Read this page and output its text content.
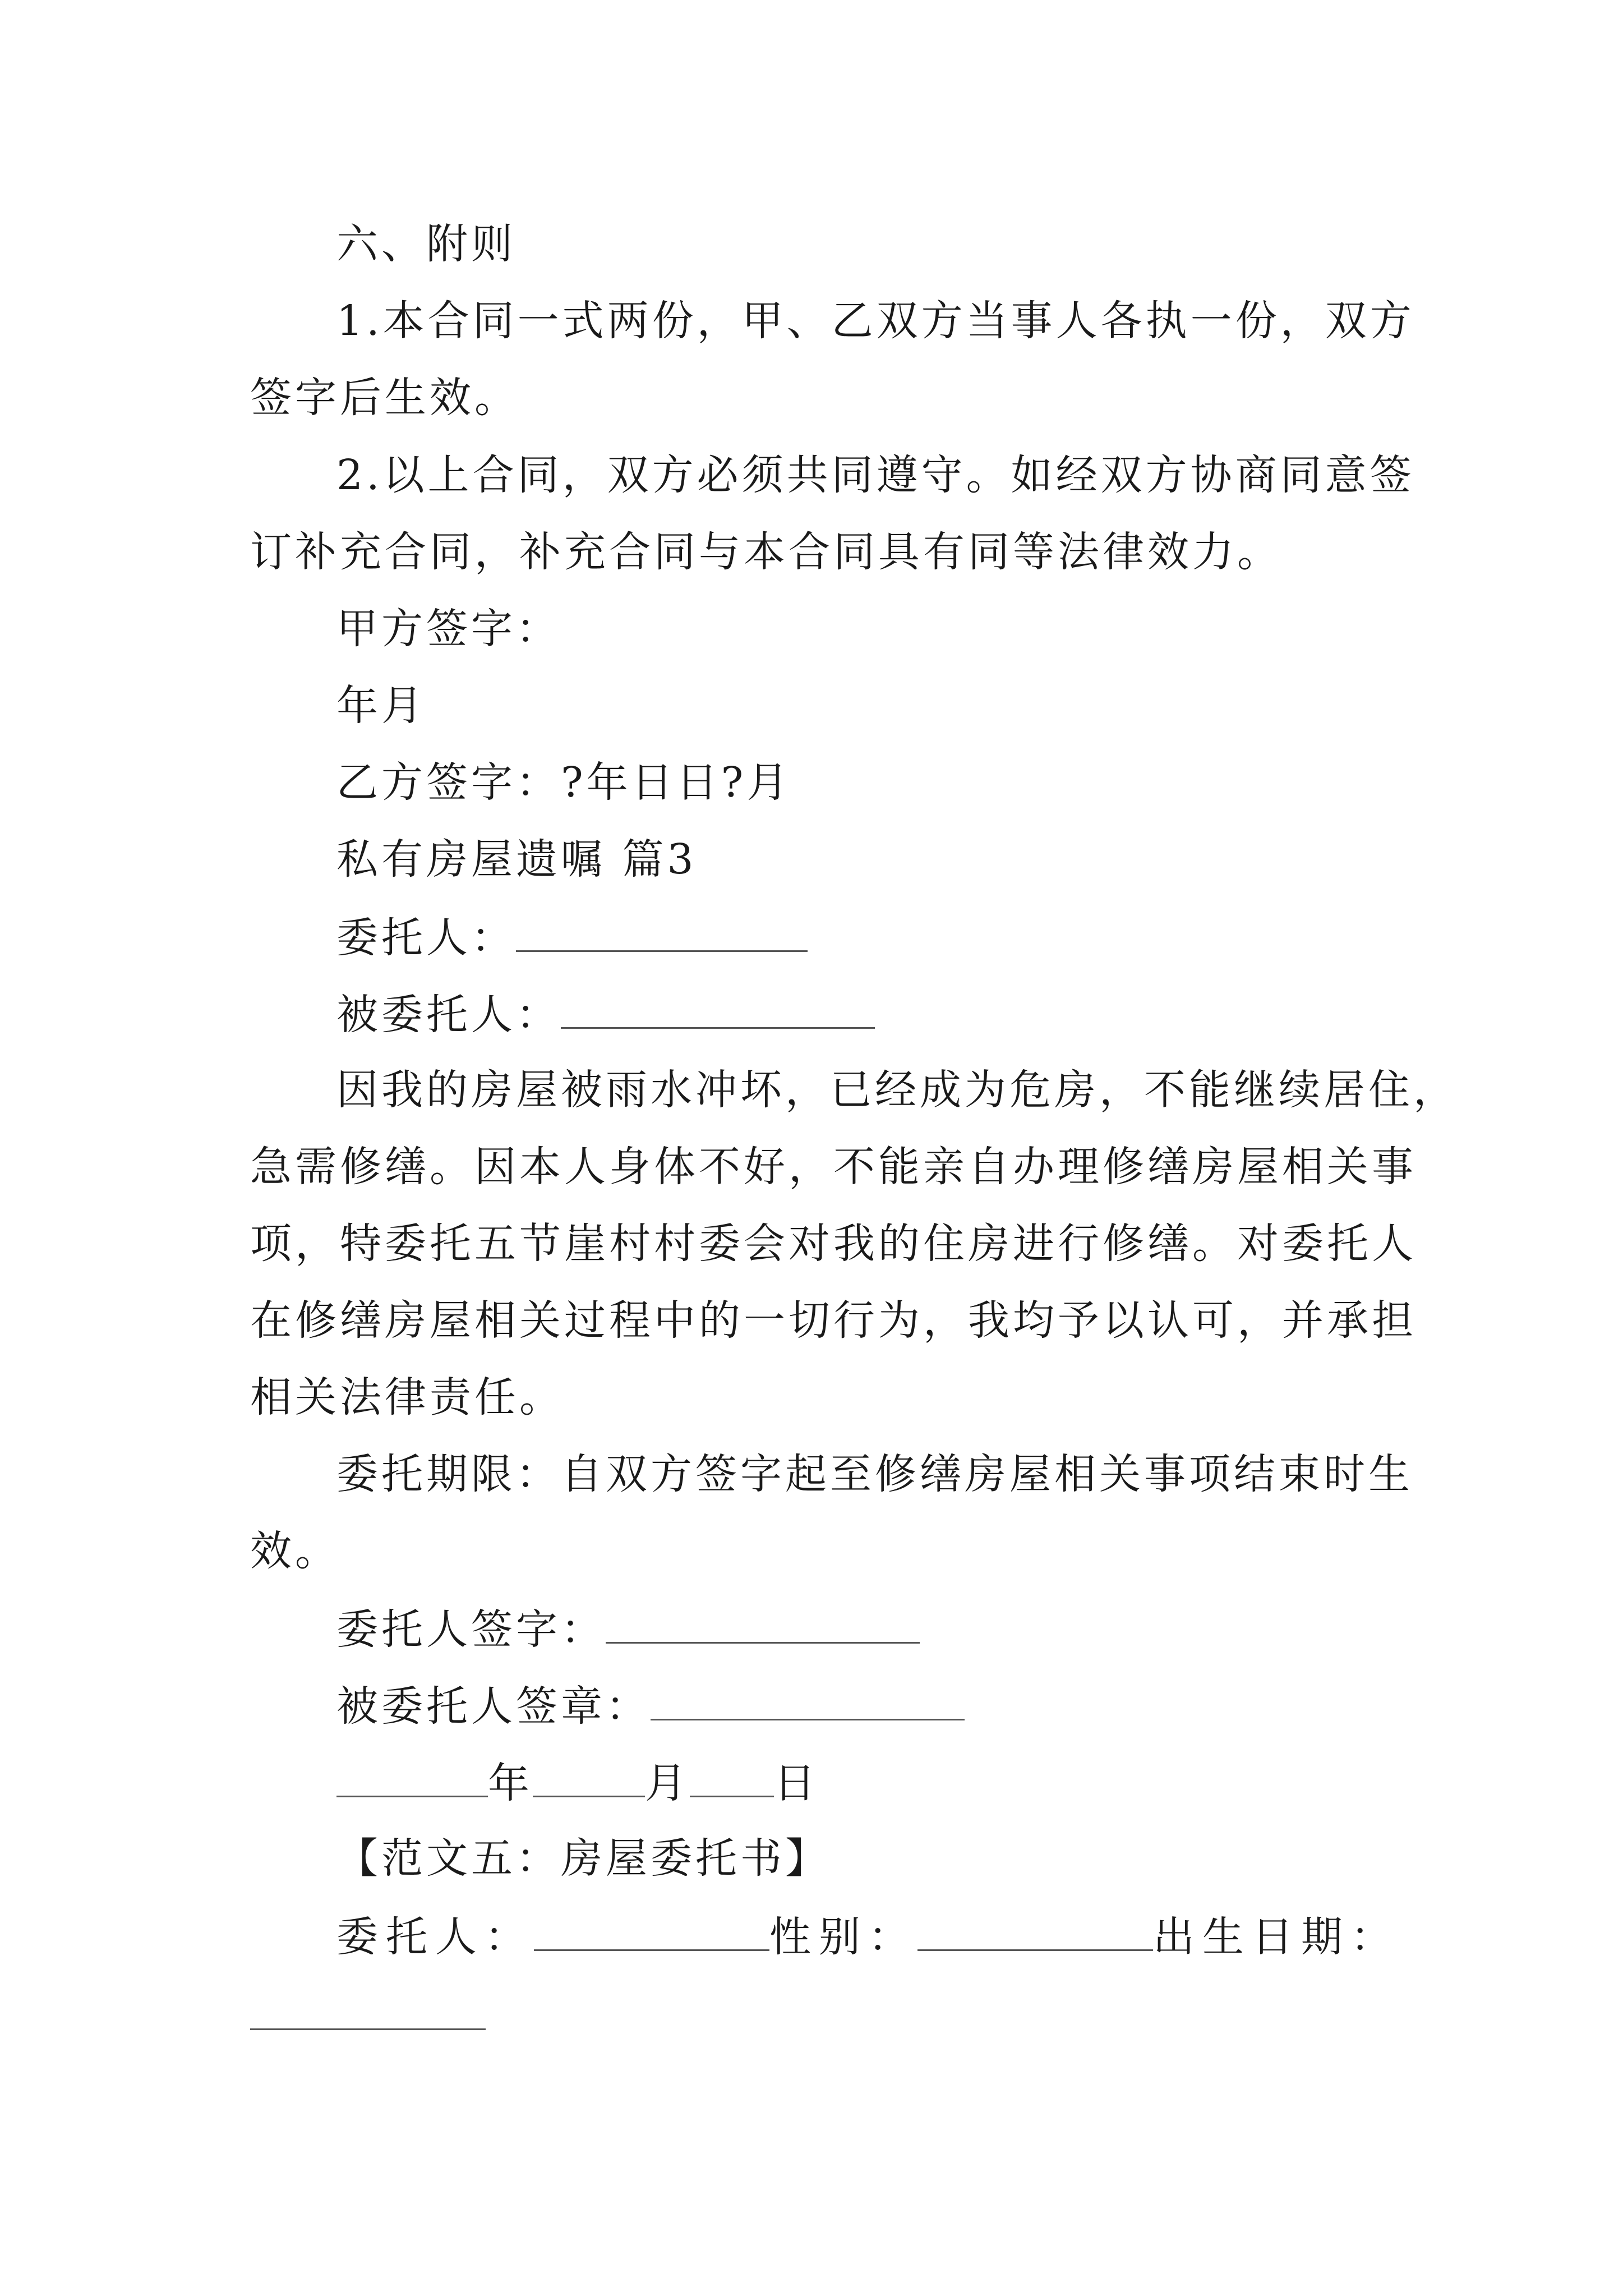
六、附则
1.本合同一式两份，甲、乙双方当事人各执一份，双方
签字后生效。
2.以上合同，双方必须共同遵守。如经双方协商同意签
订补充合同，补充合同与本合同具有同等法律效力。
甲方签字：
年月
乙方签字：?年日日?月
私有房屋遗嘱 篇3
委托人：
被委托人：
因我的房屋被雨水冲坏，已经成为危房，不能继续居住，
急需修缮。因本人身体不好，不能亲自办理修缮房屋相关事
项，特委托五节崖村村委会对我的住房进行修缮。对委托人
在修缮房屋相关过程中的一切行为，我均予以认可，并承担
相关法律责任。
委托期限：自双方签字起至修缮房屋相关事项结束时生
效。
委托人签字：
被委托人签章：
年	月 日
【范文五：房屋委托书】
委托人：	性别：	出生日期：
